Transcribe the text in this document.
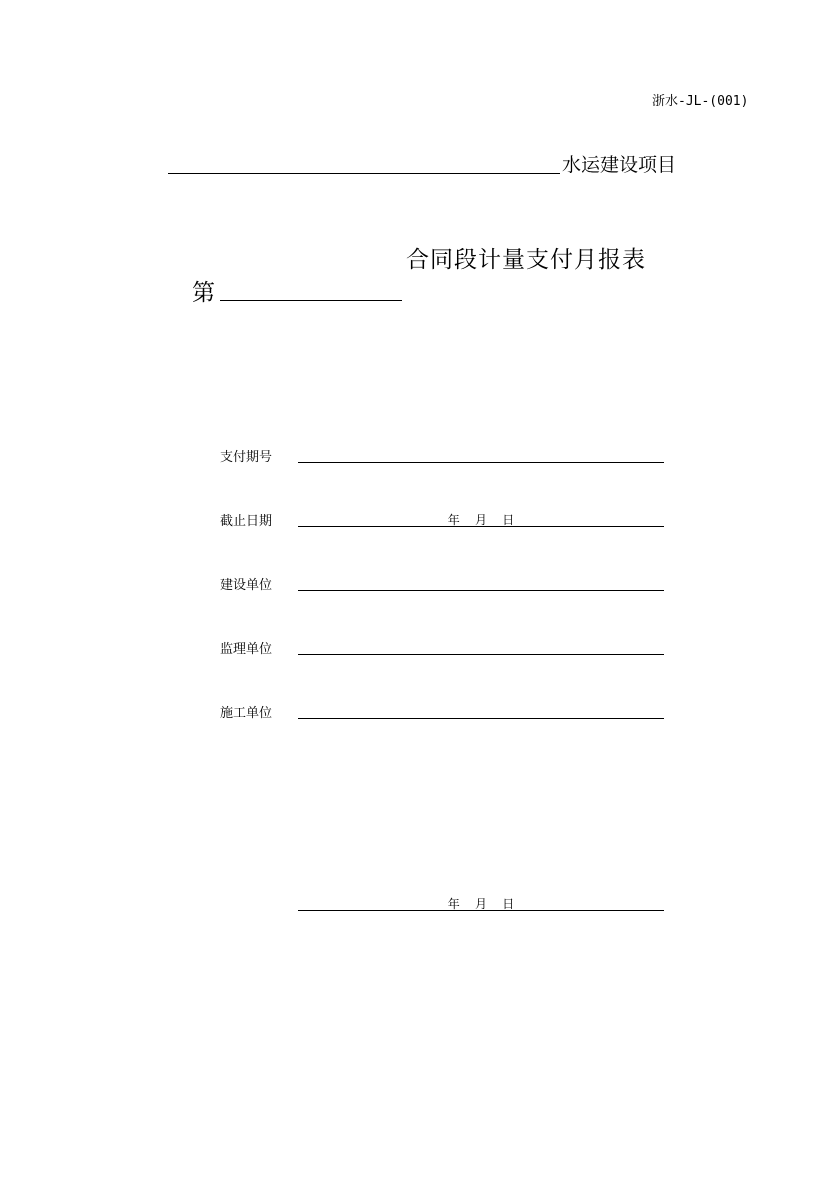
浙水-JL-(001)
水运建设项目
第
合同段计量支付月报表
支付期号
截止日期	年    月    日
建设单位
监理单位
施工单位
年    月    日
